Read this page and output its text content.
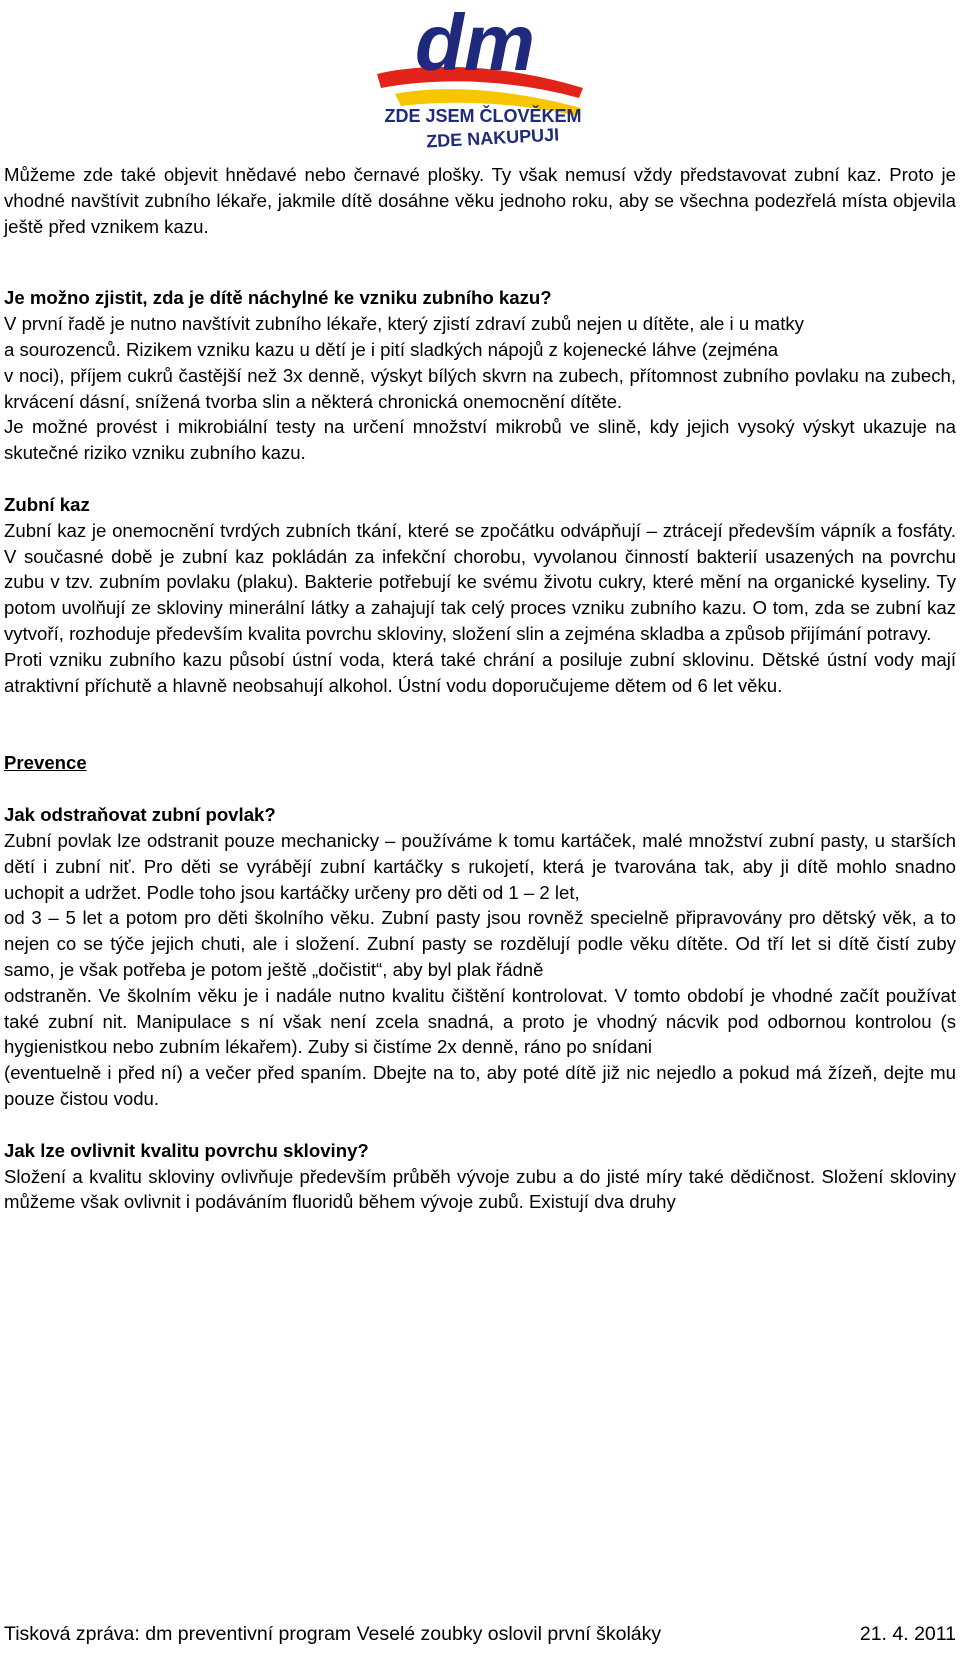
dm
ZDE JSEM ČLOVĚKEM
ZDE NAKUPUJI

Můžeme zde také objevit hnědavé nebo černavé plošky. Ty však nemusí vždy představovat zubní kaz. Proto je vhodné navštívit zubního lékaře, jakmile dítě dosáhne věku jednoho roku, aby se všechna podezřelá místa objevila ještě před vznikem kazu.

Je možno zjistit, zda je dítě náchylné ke vzniku zubního kazu?

V první řadě je nutno navštívit zubního lékaře, který zjistí zdraví zubů nejen u dítěte, ale i u matky

a sourozenců. Rizikem vzniku kazu u dětí je i pití sladkých nápojů z kojenecké láhve (zejména

v noci), příjem cukrů častější než 3x denně, výskyt bílých skvrn na zubech, přítomnost zubního povlaku na zubech, krvácení dásní, snížená tvorba slin a některá chronická onemocnění dítěte.

Je možné provést i mikrobiální testy na určení množství mikrobů ve slině, kdy jejich vysoký výskyt ukazuje na skutečné riziko vzniku zubního kazu.

Zubní kaz

Zubní kaz je onemocnění tvrdých zubních tkání, které se zpočátku odvápňují – ztrácejí především vápník a fosfáty. V současné době je zubní kaz pokládán za infekční chorobu, vyvolanou činností bakterií usazených na povrchu zubu v tzv. zubním povlaku (plaku). Bakterie potřebují ke svému životu cukry, které mění na organické kyseliny. Ty potom uvolňují ze skloviny minerální látky a zahajují tak celý proces vzniku zubního kazu. O tom, zda se zubní kaz vytvoří, rozhoduje především kvalita povrchu skloviny, složení slin a zejména skladba a způsob přijímání potravy.

Proti vzniku zubního kazu působí ústní voda, která také chrání a posiluje zubní sklovinu. Dětské ústní vody mají atraktivní příchutě a hlavně neobsahují alkohol. Ústní vodu doporučujeme dětem od 6 let věku.

Prevence

Jak odstraňovat zubní povlak?

Zubní povlak lze odstranit pouze mechanicky – používáme k tomu kartáček, malé množství zubní pasty, u starších dětí i zubní niť. Pro děti se vyrábějí zubní kartáčky s rukojetí, která je tvarována tak, aby ji dítě mohlo snadno uchopit a udržet. Podle toho jsou kartáčky určeny pro děti od 1 – 2 let,

od 3 – 5 let a potom pro děti školního věku. Zubní pasty jsou rovněž specielně připravovány pro dětský věk, a to nejen co se týče jejich chuti, ale i složení. Zubní pasty se rozdělují podle věku dítěte. Od tří let si dítě čistí zuby samo, je však potřeba je potom ještě „dočistit“, aby byl plak řádně

odstraněn. Ve školním věku je i nadále nutno kvalitu čištění kontrolovat. V tomto období je vhodné začít používat také zubní nit. Manipulace s ní však není zcela snadná, a proto je vhodný nácvik pod odbornou kontrolou (s hygienistkou nebo zubním lékařem). Zuby si čistíme 2x denně, ráno po snídani

(eventuelně i před ní) a večer před spaním. Dbejte na to, aby poté dítě již nic nejedlo a pokud má žízeň, dejte mu pouze čistou vodu.

Jak lze ovlivnit kvalitu povrchu skloviny?

Složení a kvalitu skloviny ovlivňuje především průběh vývoje zubu a do jisté míry také dědičnost. Složení skloviny můžeme však ovlivnit i podáváním fluoridů během vývoje zubů. Existují dva druhy

Tisková zpráva: dm preventivní program Veselé zoubky oslovil první školáky	21. 4. 2011
